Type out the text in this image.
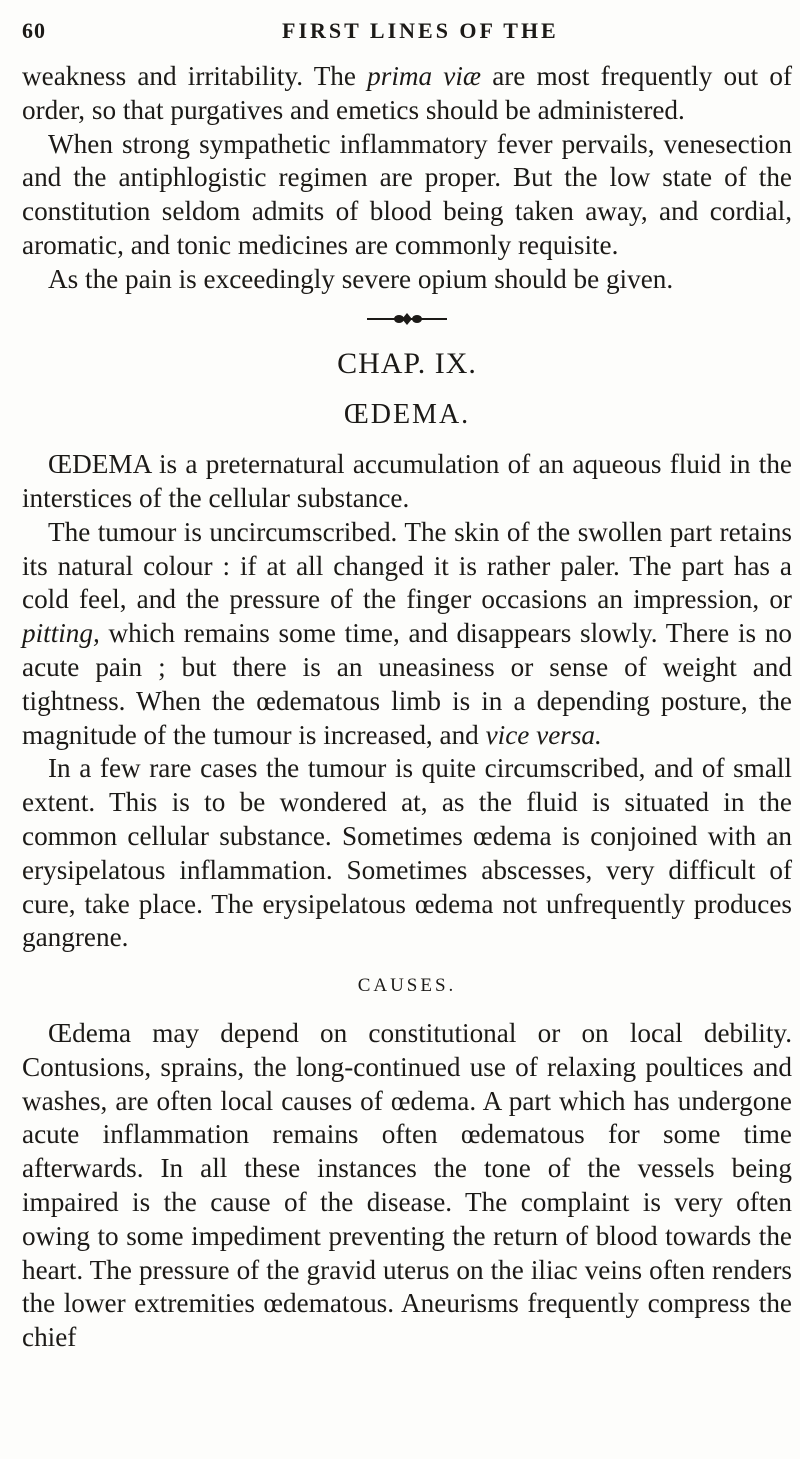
60	FIRST LINES OF THE

weakness and irritability. The prima viæ are most frequently out of order, so that purgatives and emetics should be administered.

When strong sympathetic inflammatory fever pervails, venesection and the antiphlogistic regimen are proper. But the low state of the constitution seldom admits of blood being taken away, and cordial, aromatic, and tonic medicines are commonly requisite.

As the pain is exceedingly severe opium should be given.

CHAP. IX.
ŒDEMA.

ŒDEMA is a preternatural accumulation of an aqueous fluid in the interstices of the cellular substance.

The tumour is uncircumscribed. The skin of the swollen part retains its natural colour : if at all changed it is rather paler. The part has a cold feel, and the pressure of the finger occasions an impression, or pitting, which remains some time, and disappears slowly. There is no acute pain ; but there is an uneasiness or sense of weight and tightness. When the œdematous limb is in a depending posture, the magnitude of the tumour is increased, and vice versa.

In a few rare cases the tumour is quite circumscribed, and of small extent. This is to be wondered at, as the fluid is situated in the common cellular substance. Sometimes œdema is conjoined with an erysipelatous inflammation. Sometimes abscesses, very difficult of cure, take place. The erysipelatous œdema not unfrequently produces gangrene.

CAUSES.

Œdema may depend on constitutional or on local debility. Contusions, sprains, the long-continued use of relaxing poultices and washes, are often local causes of œdema. A part which has undergone acute inflammation remains often œdematous for some time afterwards. In all these instances the tone of the vessels being impaired is the cause of the disease. The complaint is very often owing to some impediment preventing the return of blood towards the heart. The pressure of the gravid uterus on the iliac veins often renders the lower extremities œdematous. Aneurisms frequently compress the chief
